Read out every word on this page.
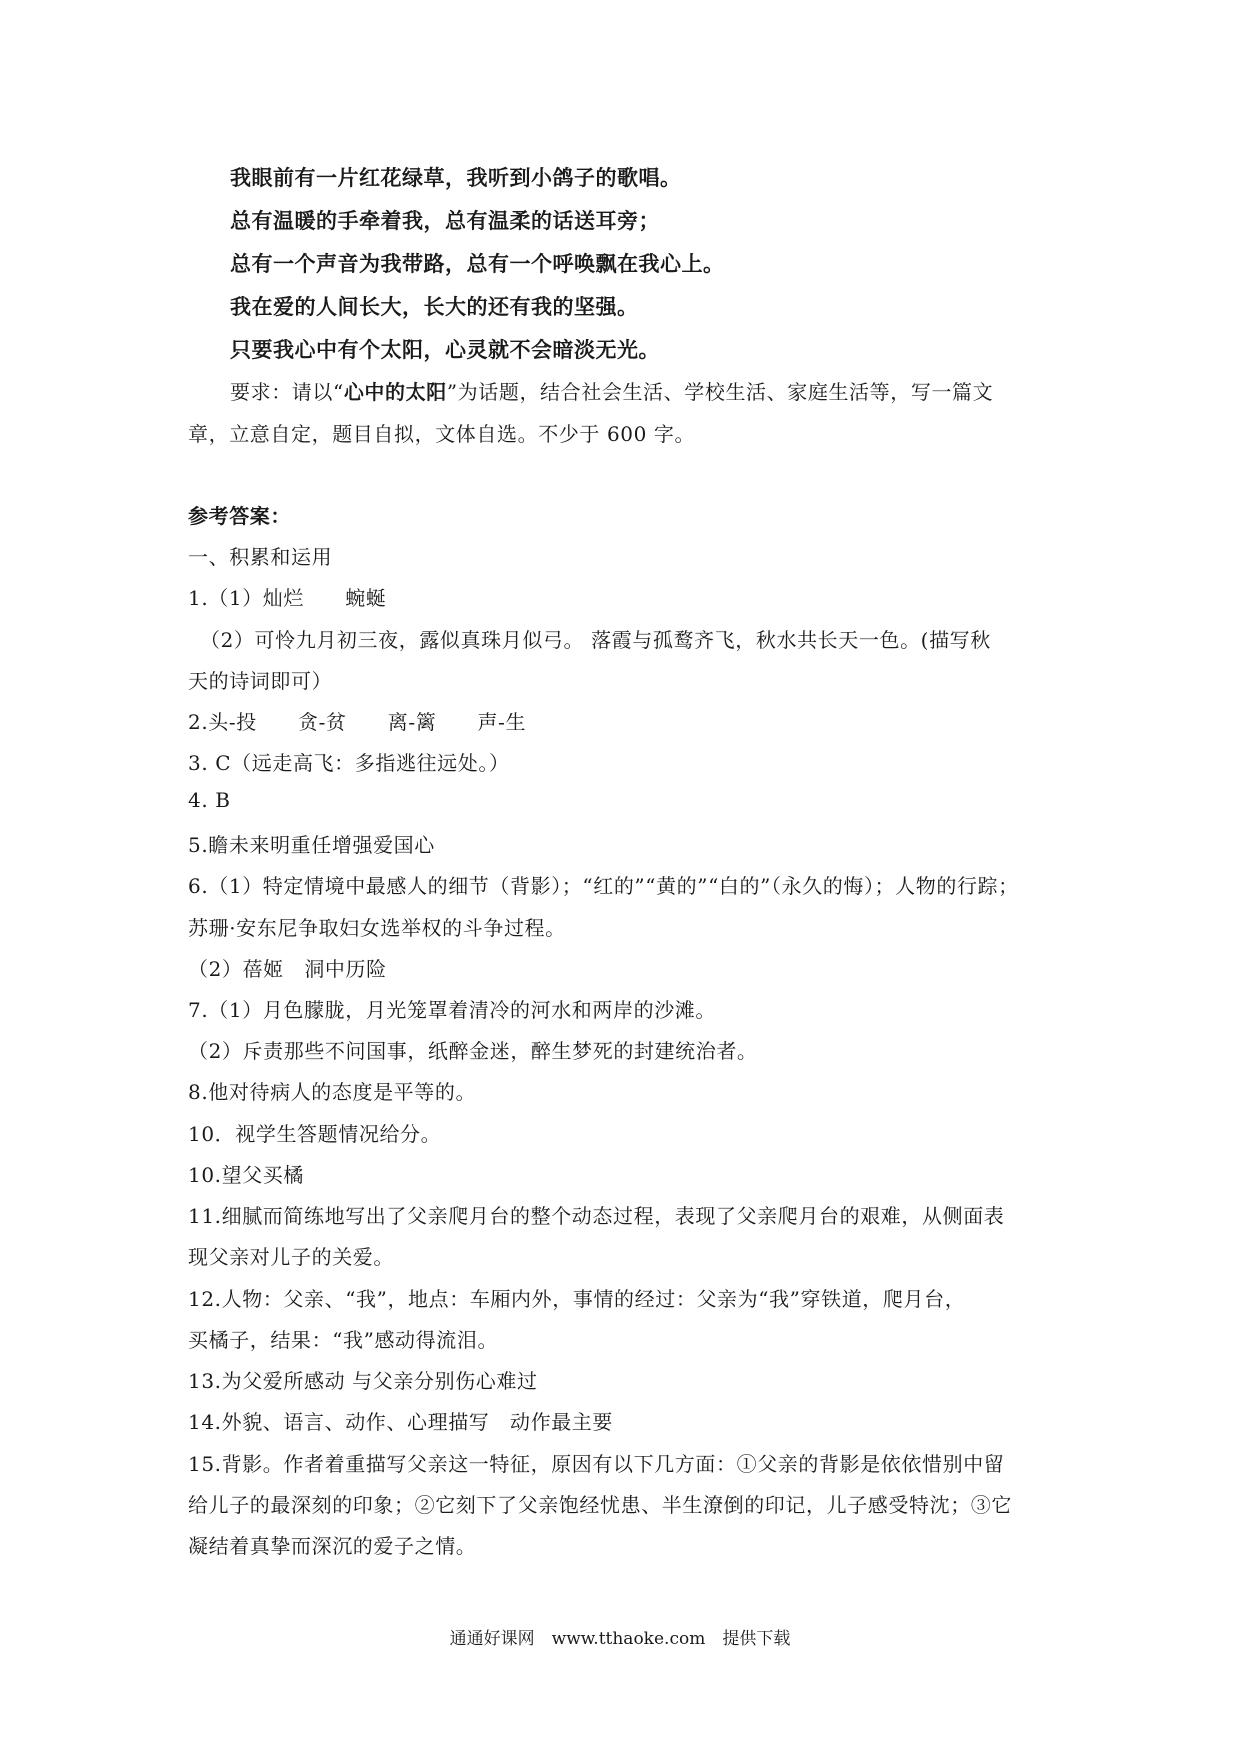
我眼前有一片红花绿草，我听到小鸽子的歌唱。
总有温暖的手牵着我，总有温柔的话送耳旁；
总有一个声音为我带路，总有一个呼唤飘在我心上。
我在爱的人间长大，长大的还有我的坚强。
只要我心中有个太阳，心灵就不会暗淡无光。
要求：请以“心中的太阳”为话题，结合社会生活、学校生活、家庭生活等，写一篇文
章，立意自定，题目自拟，文体自选。不少于 600 字。
参考答案：
一、积累和运用
1.（1）灿烂　　蜿蜒
（2）可怜九月初三夜，露似真珠月似弓。 落霞与孤鹜齐飞，秋水共长天一色。(描写秋
天的诗词即可）
2.头-投　　贪-贫　　离-篱　　声-生
3. C（远走高飞：多指逃往远处。）
4. B
5.瞻未来明重任增强爱国心
6.（1）特定情境中最感人的细节（背影）；“红的”“黄的”“白的”（永久的悔）；人物的行踪；
苏珊·安东尼争取妇女选举权的斗争过程。
（2）蓓姬　洞中历险
7.（1）月色朦胧，月光笼罩着清冷的河水和两岸的沙滩。
（2）斥责那些不问国事，纸醉金迷，醉生梦死的封建统治者。
8.他对待病人的态度是平等的。
10．视学生答题情况给分。
10.望父买橘
11.细腻而简练地写出了父亲爬月台的整个动态过程，表现了父亲爬月台的艰难，从侧面表
现父亲对儿子的关爱。
12.人物：父亲、“我”，地点：车厢内外，事情的经过：父亲为“我”穿铁道，爬月台，
买橘子，结果：“我”感动得流泪。
13.为父爱所感动 与父亲分别伤心难过
14.外貌、语言、动作、心理描写　动作最主要
15.背影。作者着重描写父亲这一特征，原因有以下几方面：①父亲的背影是依依惜别中留
给儿子的最深刻的印象；②它刻下了父亲饱经忧患、半生潦倒的印记，儿子感受特沈；③它
凝结着真挚而深沉的爱子之情。
通通好课网　www.tthaoke.com　提供下载
